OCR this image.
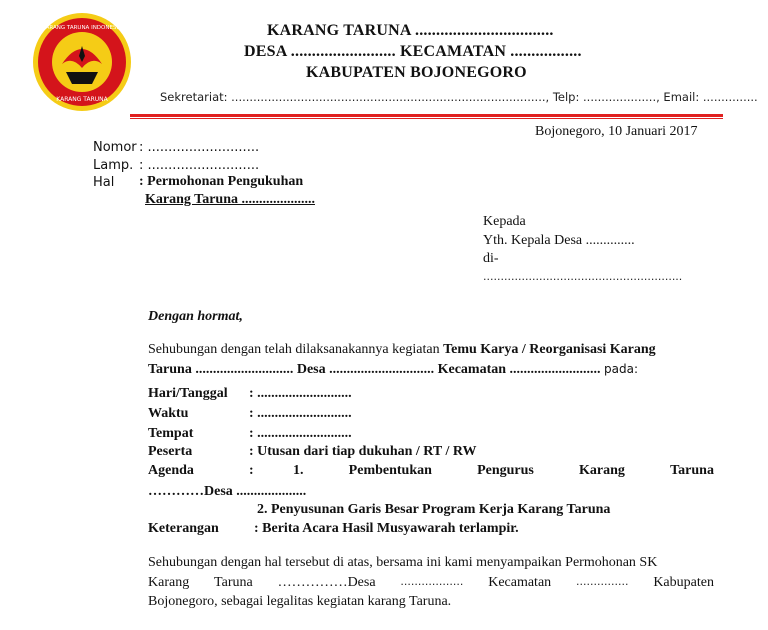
KARANG TARUNA INDONESIA
KARANG TARUNA
KARANG TARUNA .................................
DESA ......................... KECAMATAN .................
KABUPATEN BOJONEGORO
Sekretariat: ......................................................................................, Telp: ...................., Email: ...............
Bojonegoro, 10 Januari 2017
Nomor : ...........................
Lamp. : ...........................
Hal : Permohonan Pengukuhan
Karang Taruna .....................
Kepada
Yth. Kepala Desa ..............
di-
.........................................................
Dengan hormat,
Sehubungan dengan telah dilaksanakannya kegiatan Temu Karya / Reorganisasi Karang
Taruna ............................ Desa .............................. Kecamatan .......................... pada:
Hari/Tanggal : ...........................
Waktu	: ...........................
Tempat	: ...........................
Peserta	: Utusan dari tiap dukuhan / RT / RW
Agenda	:	1.	Pembentukan	Pengurus	Karang	Taruna
…………Desa ....................
2. Penyusunan Garis Besar Program Kerja Karang Taruna
Keterangan	: Berita Acara Hasil Musyawarah terlampir.
Sehubungan dengan hal tersebut di atas, bersama ini kami menyampaikan Permohonan SK
Karang Taruna ……………Desa .................. Kecamatan ............... Kabupaten
Bojonegoro, sebagai legalitas kegiatan karang Taruna.
